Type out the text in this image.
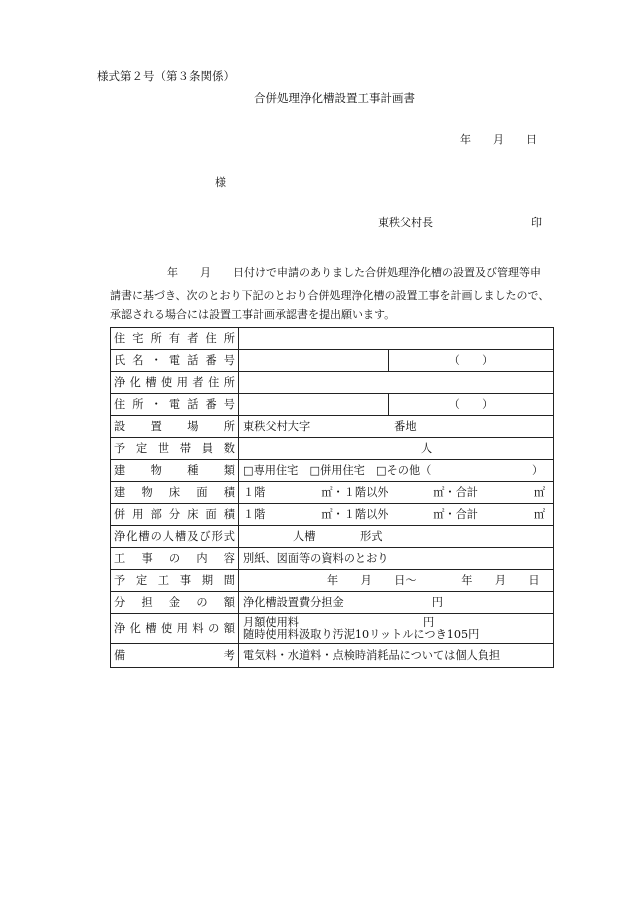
様式第２号（第３条関係）
合併処理浄化槽設置工事計画書
年　　月　　日
様
東秩父村長	印
年　　月　　日付けで申請のありました合併処理浄化槽の設置及び管理等申
請書に基づき、次のとおり下記のとおり合併処理浄化槽の設置工事を計画しましたので、
承認される場合には設置工事計画承認書を提出願います。
住宅所有者住所		

氏名・電話番号		（　　）

浄化槽使用者住所		

住所・電話番号		（　　）

設置場所	東秩父村大字 番地	

予定世帯員数	人	

建物種類	□専用住宅　□併用住宅　□その他（　　　　　　　　　）	

建物床面積	１階　　　　　㎡・１階以外　　　　㎡・合計　　　　　㎡	

併用部分床面積	１階　　　　　㎡・１階以外　　　　㎡・合計　　　　　㎡	

浄化槽の人槽及び形式	人槽　　　　形式	

工事の内容	別紙、図面等の資料のとおり	

予定工事期間	年　　月　　日〜　　　　年　　月　　日	

分担金の額	浄化槽設置費分担金 円	

浄化槽使用料の額	月額使用料 円
随時使用料汲取り汚泥10リットルにつき105円	

備考	電気料・水道料・点検時消耗品については個人負担	
